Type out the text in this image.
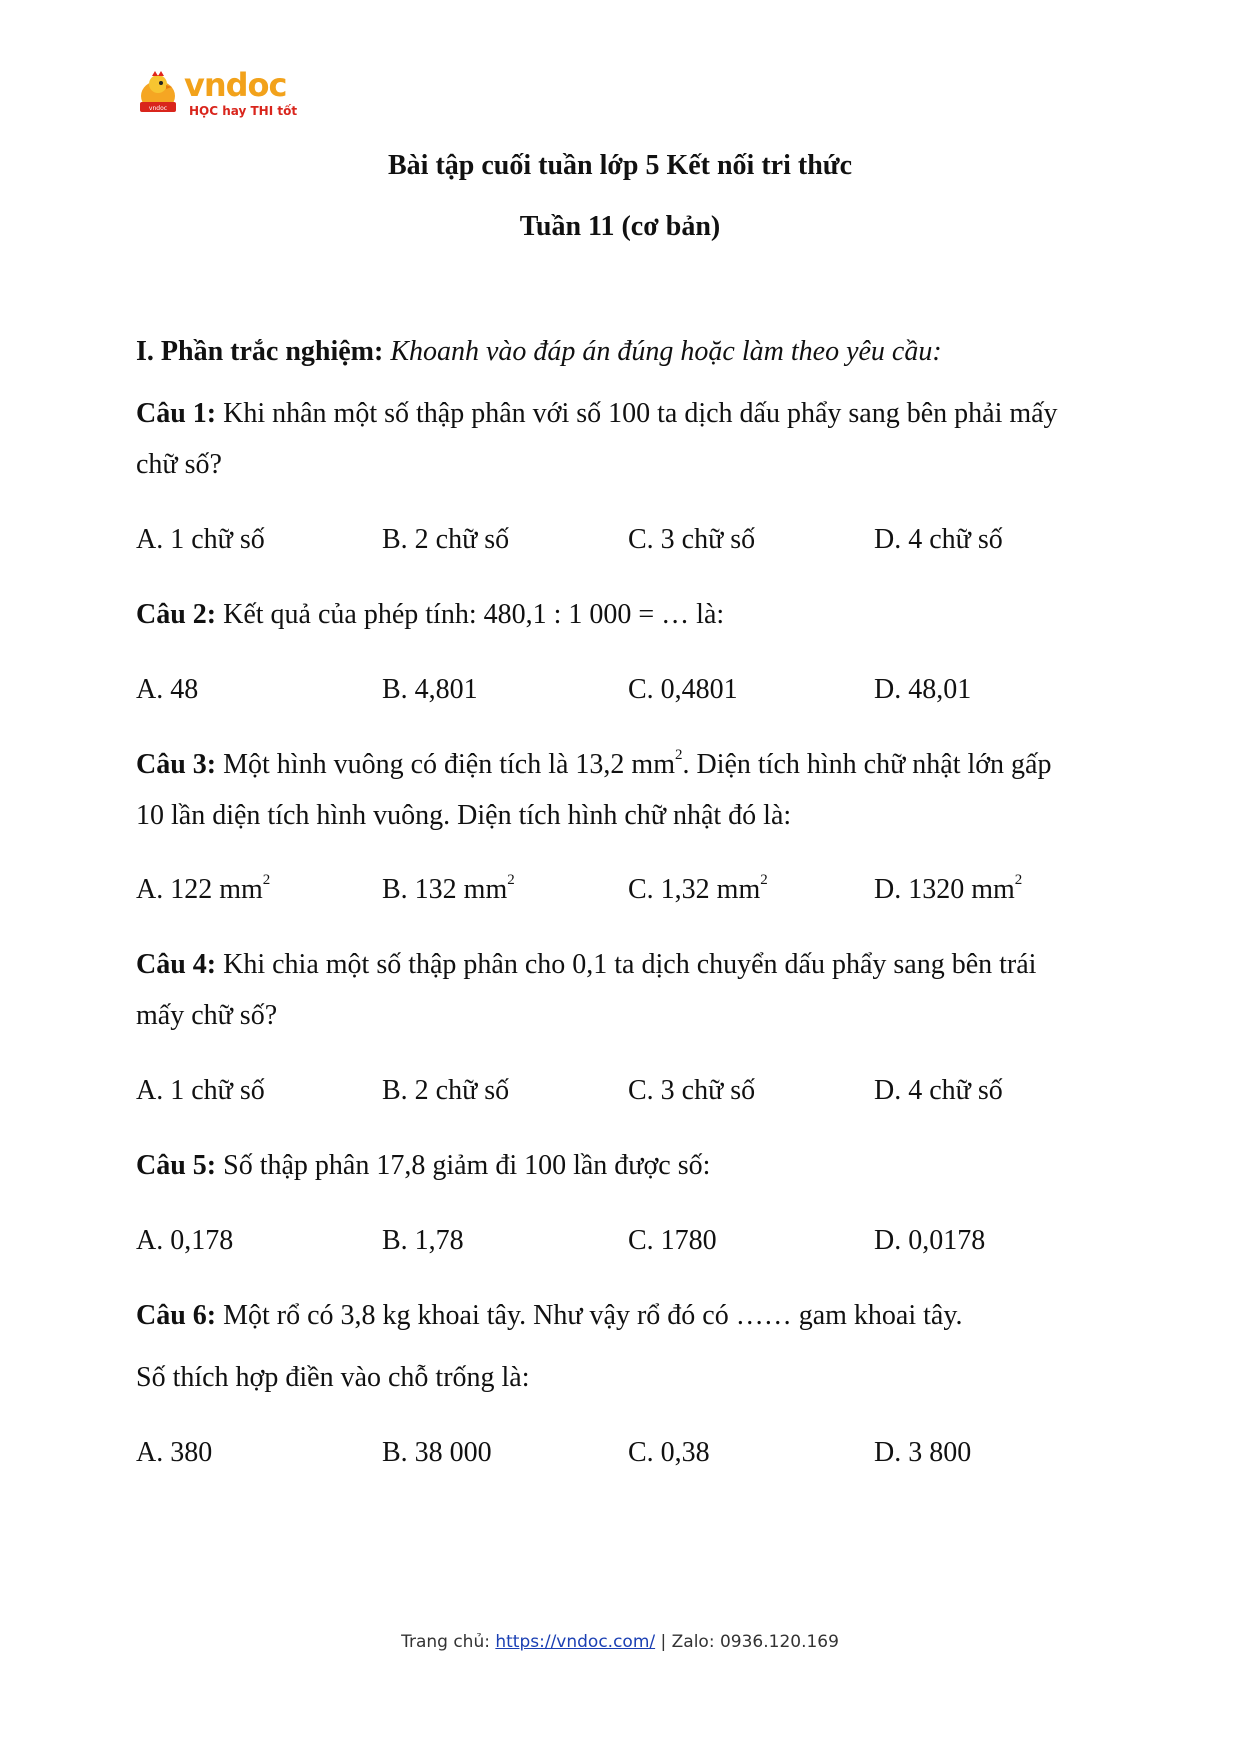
vndoc
vndoc
HỌC hay THI tốt
Bài tập cuối tuần lớp 5 Kết nối tri thức
Tuần 11 (cơ bản)
I. Phần trắc nghiệm: Khoanh vào đáp án đúng hoặc làm theo yêu cầu:
Câu 1: Khi nhân một số thập phân với số 100 ta dịch dấu phẩy sang bên phải mấy
chữ số?
A. 1 chữ số	B. 2 chữ số	C. 3 chữ số	D. 4 chữ số
Câu 2: Kết quả của phép tính: 480,1 : 1 000 = … là:
A. 48	B. 4,801	C. 0,4801	D. 48,01
Câu 3: Một hình vuông có điện tích là 13,2 $mm^2$. Diện tích hình chữ nhật lớn gấp
10 lần diện tích hình vuông. Diện tích hình chữ nhật đó là:
A. 122 $mm^2$	B. 132 $mm^2$	C. 1,32 $mm^2$	D. 1320 $mm^2$
Câu 4: Khi chia một số thập phân cho 0,1 ta dịch chuyển dấu phẩy sang bên trái
mấy chữ số?
A. 1 chữ số	B. 2 chữ số	C. 3 chữ số	D. 4 chữ số
Câu 5: Số thập phân 17,8 giảm đi 100 lần được số:
A. 0,178	B. 1,78	C. 1780	D. 0,0178
Câu 6: Một rổ có 3,8 kg khoai tây. Như vậy rổ đó có …… gam khoai tây.
Số thích hợp điền vào chỗ trống là:
A. 380	B. 38 000	C. 0,38	D. 3 800
Trang chủ: https://vndoc.com/ | Zalo: 0936.120.169
